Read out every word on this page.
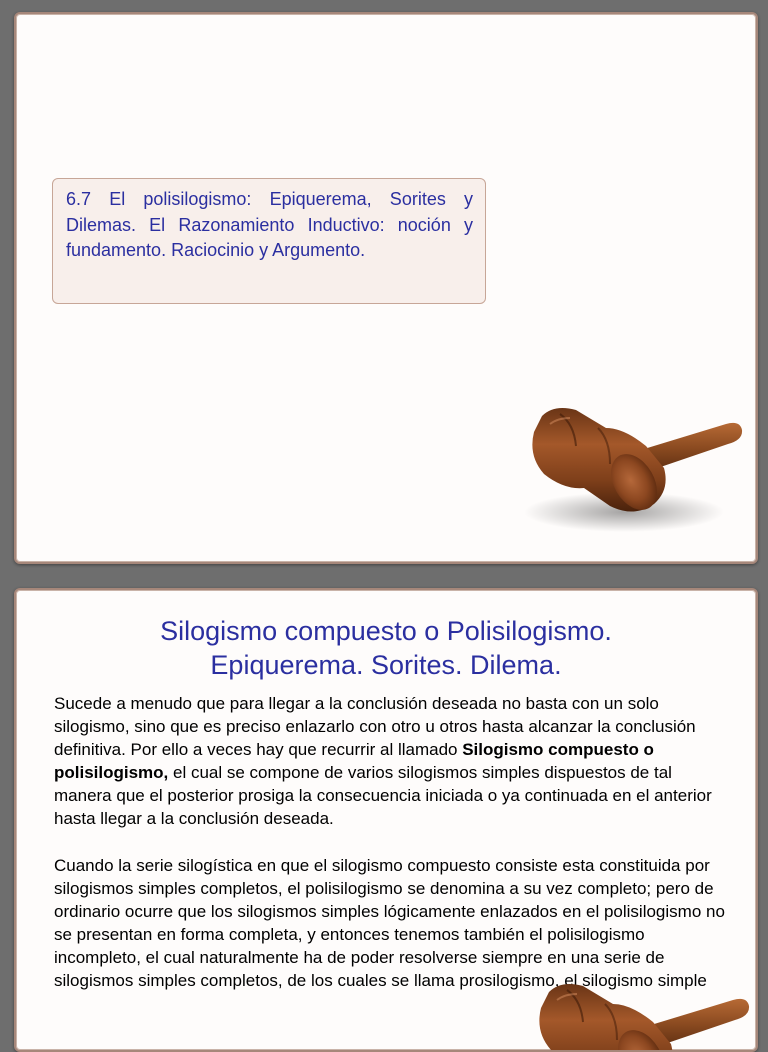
6.7 El polisilogismo: Epiquerema, Sorites y Dilemas. El Razonamiento Inductivo: noción y fundamento. Raciocinio y Argumento.

Silogismo compuesto o Polisilogismo.
Epiquerema. Sorites. Dilema.

Sucede a menudo que para llegar a la conclusión deseada no basta con un solo silogismo, sino que es preciso enlazarlo con otro u otros hasta alcanzar la conclusión definitiva. Por ello a veces hay que recurrir al llamado Silogismo compuesto o polisilogismo, el cual se compone de varios silogismos simples dispuestos de tal manera que el posterior prosiga la consecuencia iniciada o ya continuada en el anterior hasta llegar a la conclusión deseada.

Cuando la serie silogística en que el silogismo compuesto consiste esta constituida por silogismos simples completos, el polisilogismo se denomina a su vez completo; pero de ordinario ocurre que los silogismos simples lógicamente enlazados en el polisilogismo no se presentan en forma completa, y entonces tenemos también el polisilogismo incompleto, el cual naturalmente ha de poder resolverse siempre en una serie de silogismos simples completos, de los cuales se llama prosilogismo, el silogismo simple
